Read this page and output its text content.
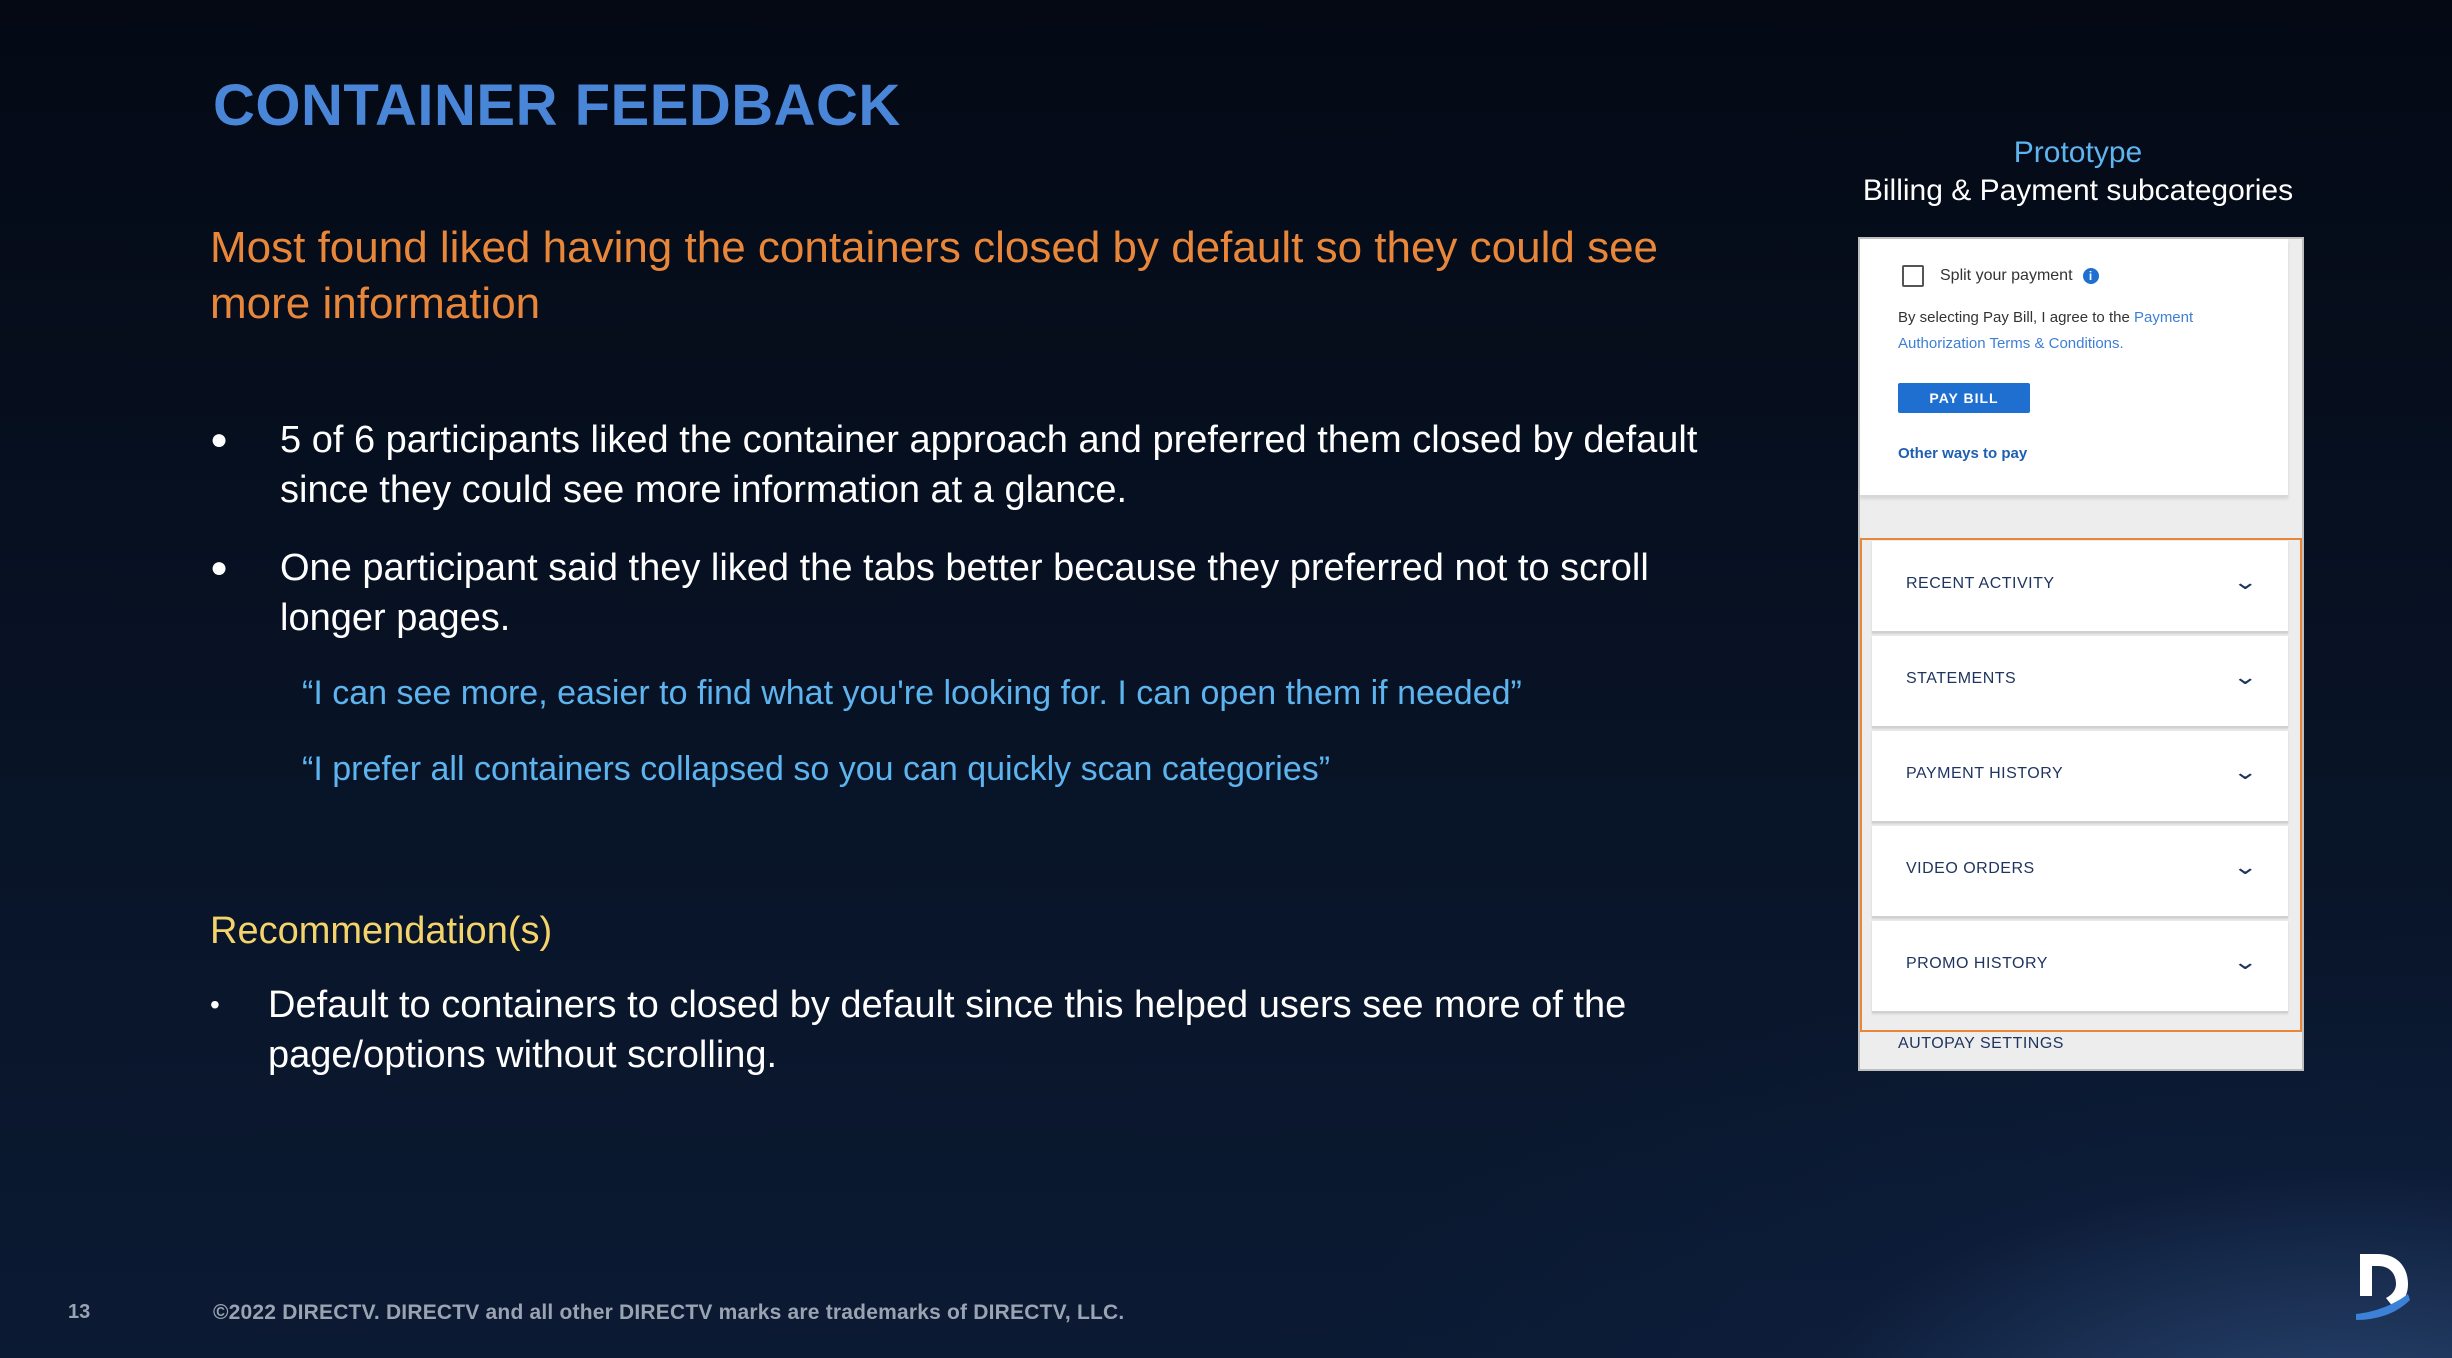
CONTAINER FEEDBACK
Most found liked having the containers closed by default so they could see more information
●	5 of 6 participants liked the container approach and preferred them closed by default since they could see more information at a glance.
●	One participant said they liked the tabs better because they preferred not to scroll longer pages.
“I can see more, easier to find what you're looking for. I can open them if needed”
“I prefer all containers collapsed so you can quickly scan categories”
Recommendation(s)
•	Default to containers to closed by default since this helped users see more of the page/options without scrolling.
Prototype
Billing & Payment subcategories
Split your payment	i
By selecting Pay Bill, I agree to the Payment Authorization Terms & Conditions.
PAY BILL
Other ways to pay
RECENT ACTIVITY	⌄
STATEMENTS	⌄
PAYMENT HISTORY	⌄
VIDEO ORDERS	⌄
PROMO HISTORY	⌄
AUTOPAY SETTINGS
13	©2022 DIRECTV. DIRECTV and all other DIRECTV marks are trademarks of DIRECTV, LLC.
